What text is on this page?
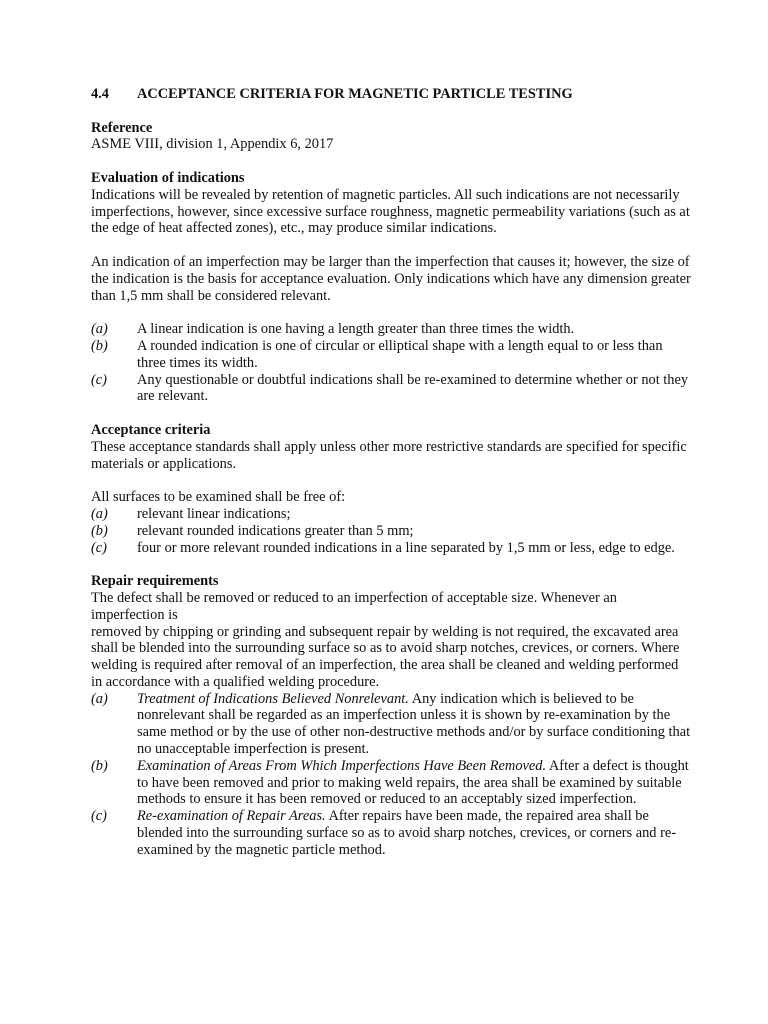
4.4	ACCEPTANCE CRITERIA FOR MAGNETIC PARTICLE TESTING
Reference

ASME VIII, division 1, Appendix 6, 2017

Evaluation of indications

Indications will be revealed by retention of magnetic particles. All such indications are not necessarily imperfections, however, since excessive surface roughness, magnetic permeability variations (such as at the edge of heat affected zones), etc., may produce similar indications.

An indication of an imperfection may be larger than the imperfection that causes it; however, the size of the indication is the basis for acceptance evaluation. Only indications which have any dimension greater than 1,5 mm shall be considered relevant.

(a)	A linear indication is one having a length greater than three times the width.
(b)	A rounded indication is one of circular or elliptical shape with a length equal to or less than three times its width.
(c)	Any questionable or doubtful indications shall be re-examined to determine whether or not they are relevant.
Acceptance criteria

These acceptance standards shall apply unless other more restrictive standards are specified for specific materials or applications.

All surfaces to be examined shall be free of:

(a)	relevant linear indications;
(b)	relevant rounded indications greater than 5 mm;
(c)	four or more relevant rounded indications in a line separated by 1,5 mm or less, edge to edge.
Repair requirements

The defect shall be removed or reduced to an imperfection of acceptable size. Whenever an imperfection is

removed by chipping or grinding and subsequent repair by welding is not required, the excavated area shall be blended into the surrounding surface so as to avoid sharp notches, crevices, or corners. Where welding is required after removal of an imperfection, the area shall be cleaned and welding performed in accordance with a qualified welding procedure.

(a)	Treatment of Indications Believed Nonrelevant. Any indication which is believed to be nonrelevant shall be regarded as an imperfection unless it is shown by re-examination by the same method or by the use of other non-destructive methods and/or by surface conditioning that no unacceptable imperfection is present.
(b)	Examination of Areas From Which Imperfections Have Been Removed. After a defect is thought to have been removed and prior to making weld repairs, the area shall be examined by suitable methods to ensure it has been removed or reduced to an acceptably sized imperfection.
(c)	Re-examination of Repair Areas. After repairs have been made, the repaired area shall be blended into the surrounding surface so as to avoid sharp notches, crevices, or corners and re-examined by the magnetic particle method.
